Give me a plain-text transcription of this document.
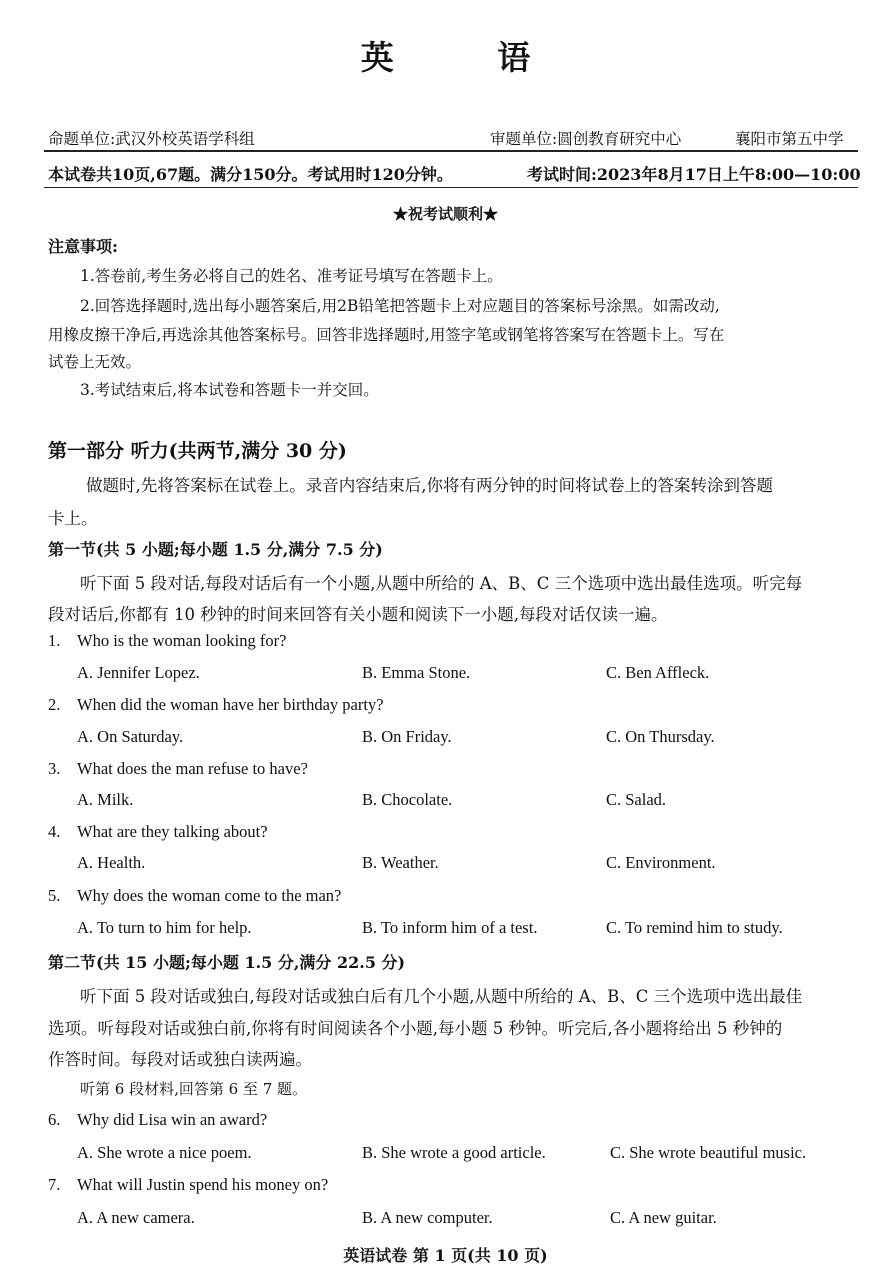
英 语
命题单位:武汉外校英语学科组	审题单位:圆创教育研究中心	襄阳市第五中学
本试卷共10页,67题。满分150分。考试用时120分钟。	考试时间:2023年8月17日上午8:00—10:00
★祝考试顺利★
注意事项:
1.答卷前,考生务必将自己的姓名、准考证号填写在答题卡上。
2.回答选择题时,选出每小题答案后,用2B铅笔把答题卡上对应题目的答案标号涂黑。如需改动,
用橡皮擦干净后,再选涂其他答案标号。回答非选择题时,用签字笔或钢笔将答案写在答题卡上。写在
试卷上无效。
3.考试结束后,将本试卷和答题卡一并交回。
第一部分 听力(共两节,满分 30 分)
做题时,先将答案标在试卷上。录音内容结束后,你将有两分钟的时间将试卷上的答案转涂到答题
卡上。
第一节(共 5 小题;每小题 1.5 分,满分 7.5 分)
听下面 5 段对话,每段对话后有一个小题,从题中所给的 A、B、C 三个选项中选出最佳选项。听完每
段对话后,你都有 10 秒钟的时间来回答有关小题和阅读下一小题,每段对话仅读一遍。
1. Who is the woman looking for?
A. Jennifer Lopez.	B. Emma Stone.	C. Ben Affleck.
2. When did the woman have her birthday party?
A. On Saturday.	B. On Friday.	C. On Thursday.
3. What does the man refuse to have?
A. Milk.	B. Chocolate.	C. Salad.
4. What are they talking about?
A. Health.	B. Weather.	C. Environment.
5. Why does the woman come to the man?
A. To turn to him for help.	B. To inform him of a test.	C. To remind him to study.
第二节(共 15 小题;每小题 1.5 分,满分 22.5 分)
听下面 5 段对话或独白,每段对话或独白后有几个小题,从题中所给的 A、B、C 三个选项中选出最佳
选项。听每段对话或独白前,你将有时间阅读各个小题,每小题 5 秒钟。听完后,各小题将给出 5 秒钟的
作答时间。每段对话或独白读两遍。
听第 6 段材料,回答第 6 至 7 题。
6. Why did Lisa win an award?
A. She wrote a nice poem.	B. She wrote a good article.	C. She wrote beautiful music.
7. What will Justin spend his money on?
A. A new camera.	B. A new computer.	C. A new guitar.
英语试卷 第 1 页(共 10 页)
